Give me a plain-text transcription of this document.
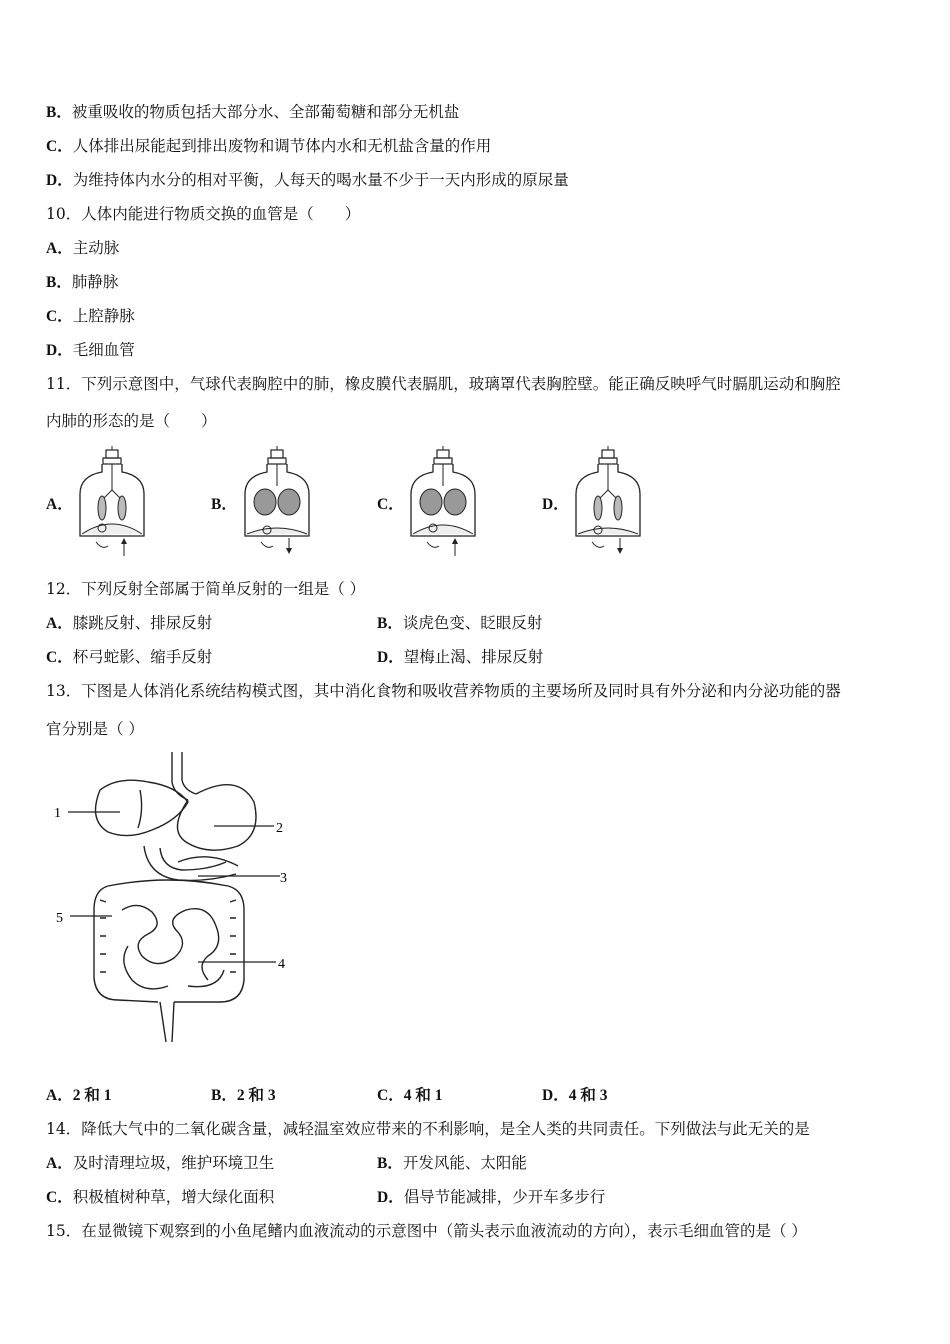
B．被重吸收的物质包括大部分水、全部葡萄糖和部分无机盐
C．人体排出尿能起到排出废物和调节体内水和无机盐含量的作用
D．为维持体内水分的相对平衡，人每天的喝水量不少于一天内形成的原尿量
10．人体内能进行物质交换的血管是（　　）
A．主动脉
B．肺静脉
C．上腔静脉
D．毛细血管
11．下列示意图中，气球代表胸腔中的肺，橡皮膜代表膈肌，玻璃罩代表胸腔壁。能正确反映呼气时膈肌运动和胸腔
内肺的形态的是（　　）
A．	B．	C．	D．
12．下列反射全部属于简单反射的一组是（ ）
A．膝跳反射、排尿反射	B．谈虎色变、眨眼反射
C．杯弓蛇影、缩手反射	D．望梅止渴、排尿反射
13．下图是人体消化系统结构模式图，其中消化食物和吸收营养物质的主要场所及同时具有外分泌和内分泌功能的器
官分别是（ ）
1
2
3
5
4
A．2 和 1	B．2 和 3	C．4 和 1	D．4 和 3
14．降低大气中的二氧化碳含量，减轻温室效应带来的不利影响，是全人类的共同责任。下列做法与此无关的是
A．及时清理垃圾，维护环境卫生	B．开发风能、太阳能
C．积极植树种草，增大绿化面积	D．倡导节能减排，少开车多步行
15．在显微镜下观察到的小鱼尾鳍内血液流动的示意图中（箭头表示血液流动的方向），表示毛细血管的是（ ）
